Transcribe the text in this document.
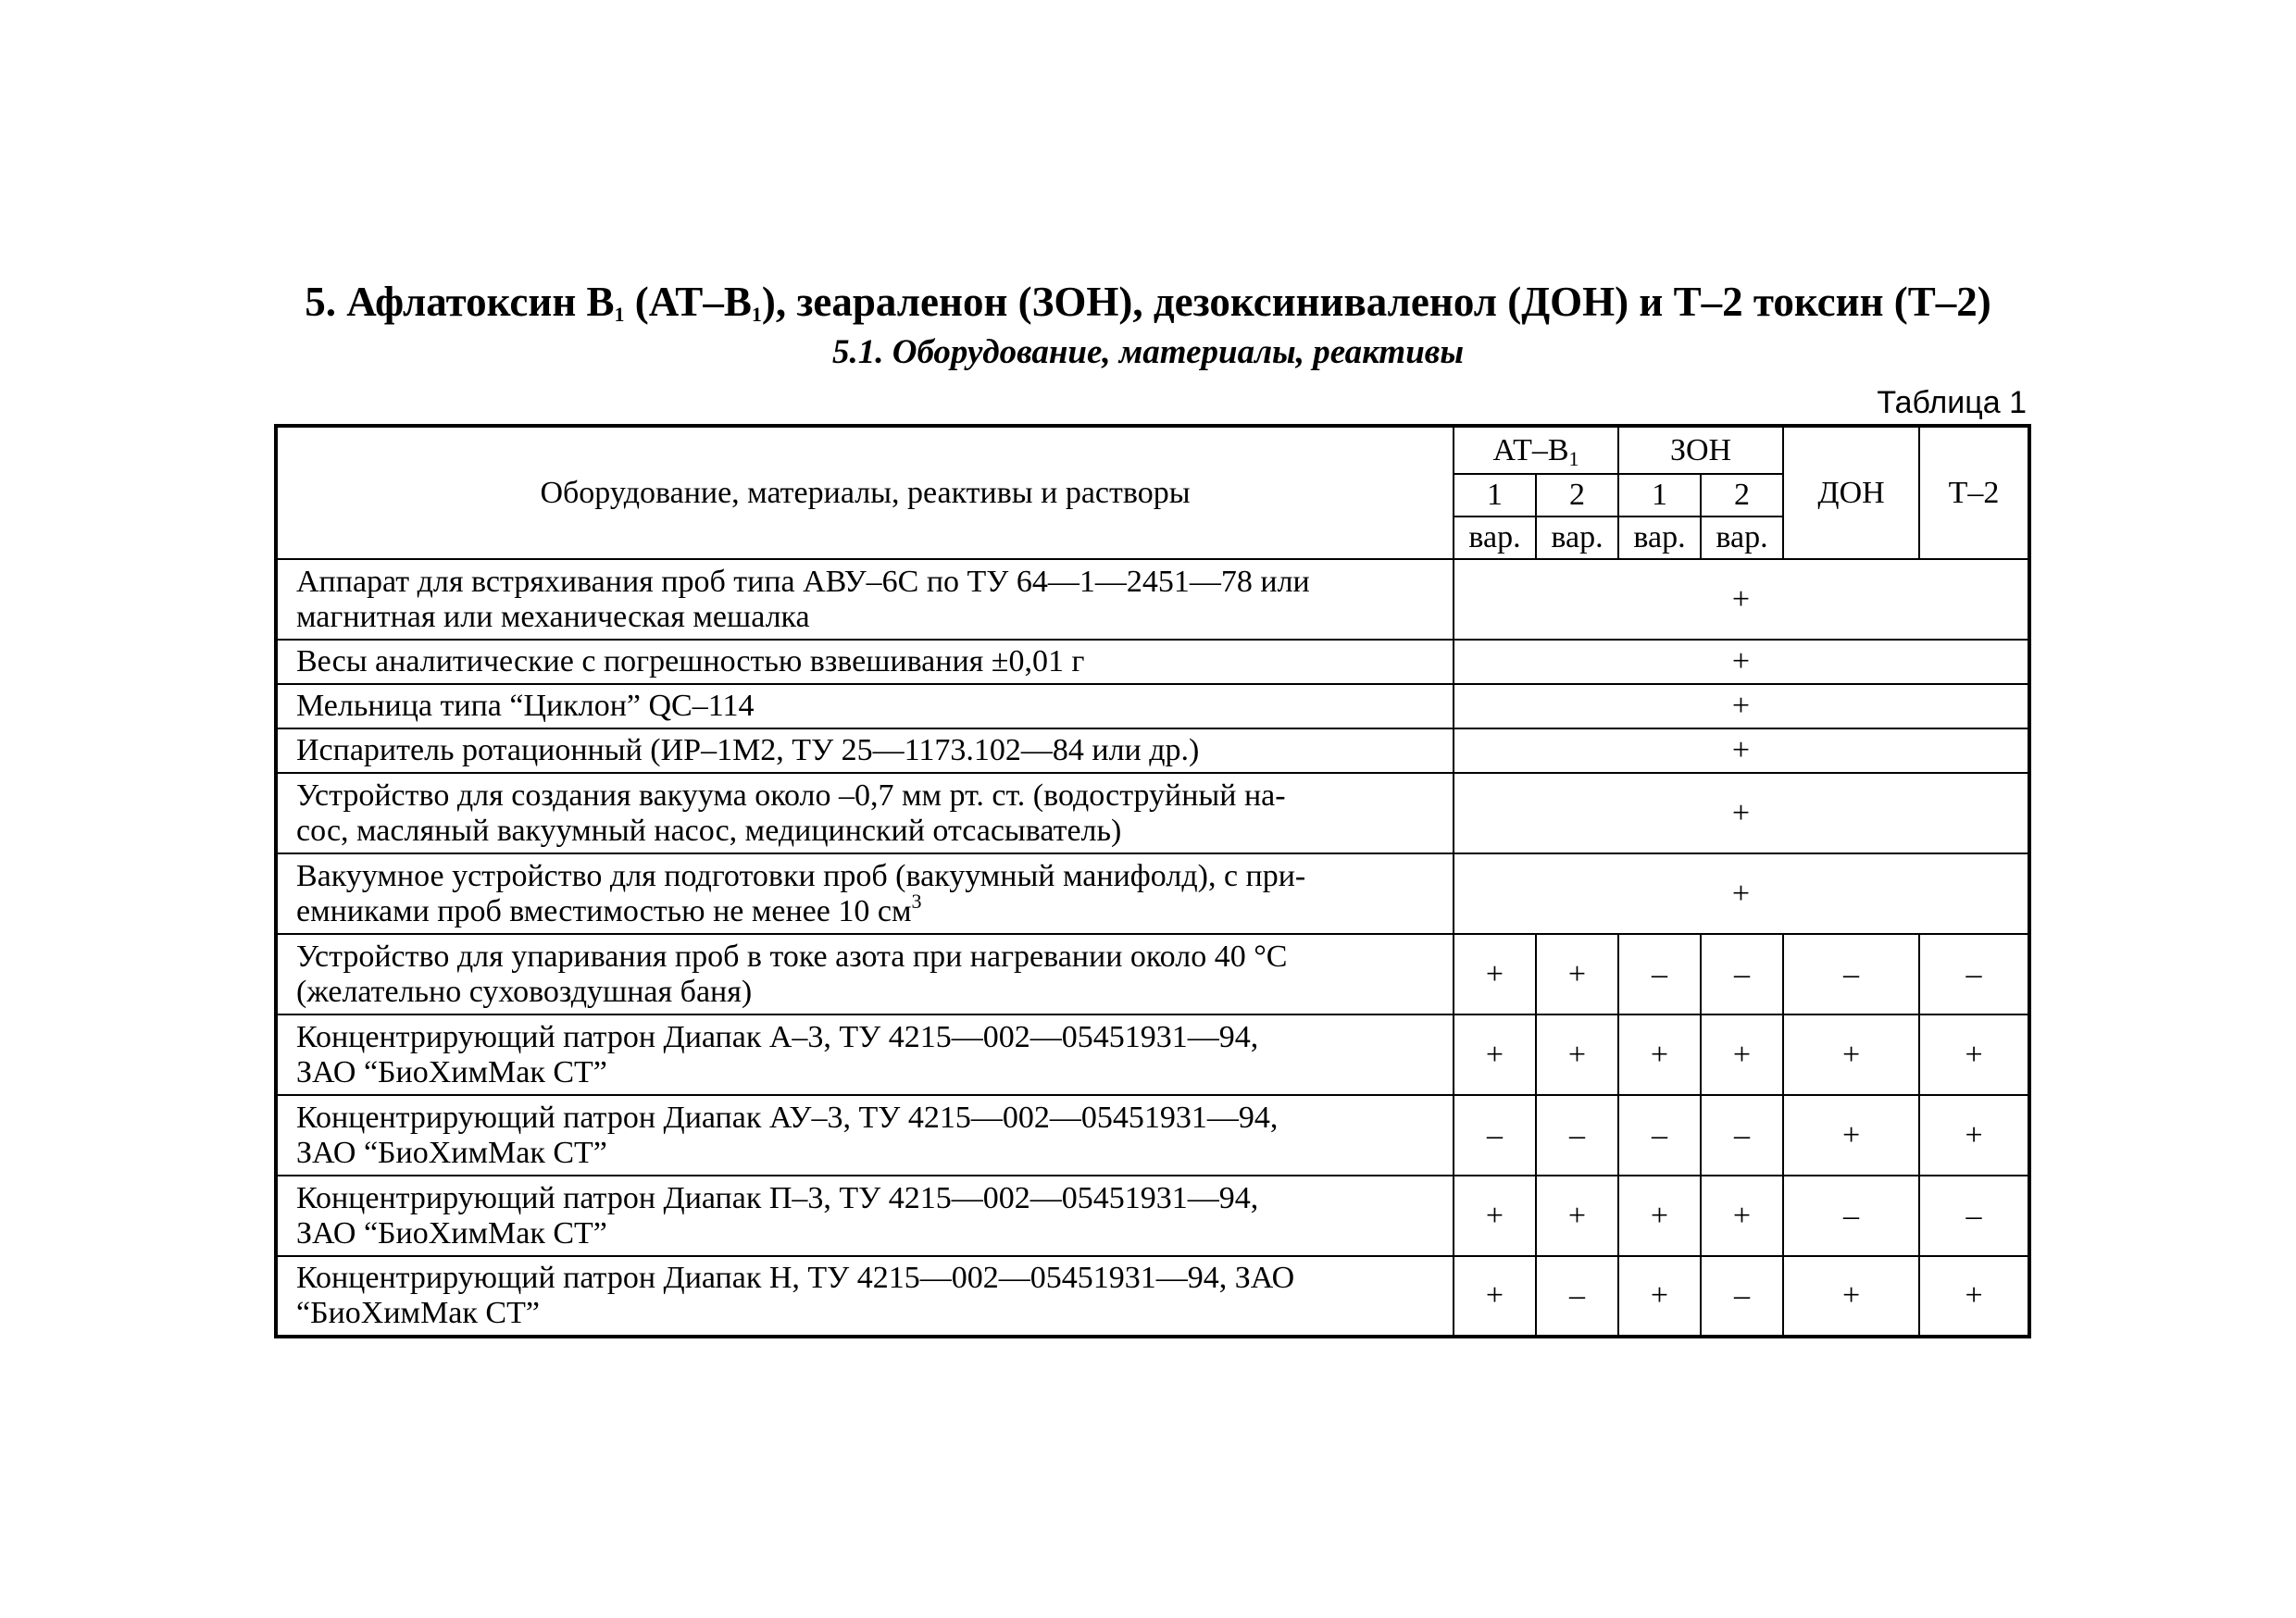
5. Афлатоксин $B_1$ $(АТ-B_1)$, зеараленон (ЗОН), дезоксиниваленол (ДОН) и Т–2 токсин (Т–2)
5.1. Оборудование, материалы, реактивы
Таблица 1
Оборудование, материалы, реактивы и растворы	$АТ-B_1$		ЗОН		ДОН	Т–2
	1	2	1	2		
	вар.	вар.	вар.	вар.		
Аппарат для встряхивания проб типа АВУ–6С по ТУ 64—1—2451—78 или
магнитная или механическая мешалка	+					
Весы аналитические с погрешностью взвешивания ±0,01 г	+					
Мельница типа “Циклон” QC–114	+					
Испаритель ротационный (ИР–1М2, ТУ 25—1173.102—84 или др.)	+					
Устройство для создания вакуума около –0,7 мм рт. ст. (водоструйный на-
сос, масляный вакуумный насос, медицинский отсасыватель)	+					
Вакуумное устройство для подготовки проб (вакуумный манифолд), с при-
емниками проб вместимостью не менее 10 $см^3$	+					
Устройство для упаривания проб в токе азота при нагревании около 40 °С
(желательно суховоздушная баня)	+	+	–	–	–	–
Концентрирующий патрон Диапак А–3, ТУ 4215—002—05451931—94,
ЗАО “БиоХимМак СТ”	+	+	+	+	+	+
Концентрирующий патрон Диапак АУ–3, ТУ 4215—002—05451931—94,
ЗАО “БиоХимМак СТ”	–	–	–	–	+	+
Концентрирующий патрон Диапак П–3, ТУ 4215—002—05451931—94,
ЗАО “БиоХимМак СТ”	+	+	+	+	–	–
Концентрирующий патрон Диапак Н, ТУ 4215—002—05451931—94, ЗАО
“БиоХимМак СТ”	+	–	+	–	+	+
